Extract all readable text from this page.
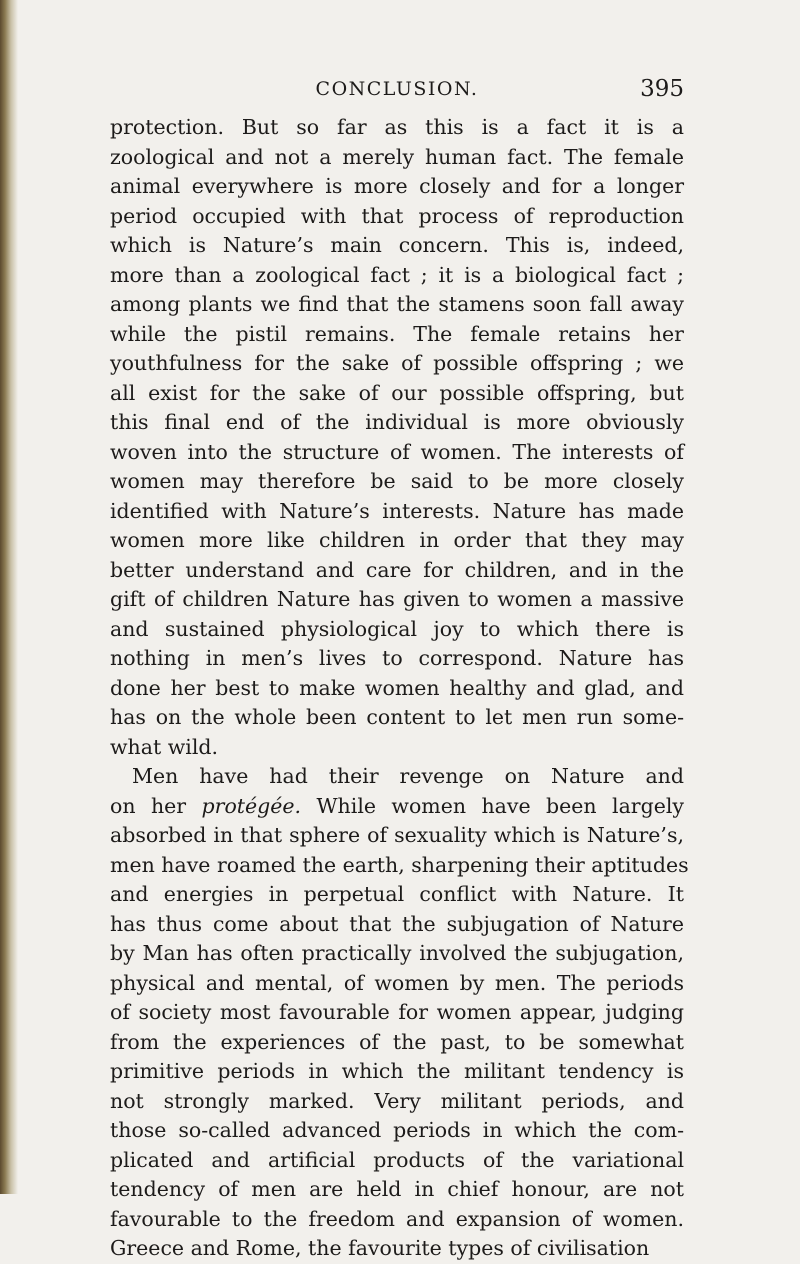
CONCLUSION.	395
protection. But so far as this is a fact it is a
zoological and not a merely human fact. The female
animal everywhere is more closely and for a longer
period occupied with that process of reproduction
which is Nature’s main concern. This is, indeed,
more than a zoological fact ; it is a biological fact ;
among plants we find that the stamens soon fall away
while the pistil remains. The female retains her
youthfulness for the sake of possible offspring ; we
all exist for the sake of our possible offspring, but
this final end of the individual is more obviously
woven into the structure of women. The interests of
women may therefore be said to be more closely
identified with Nature’s interests. Nature has made
women more like children in order that they may
better understand and care for children, and in the
gift of children Nature has given to women a massive
and sustained physiological joy to which there is
nothing in men’s lives to correspond. Nature has
done her best to make women healthy and glad, and
has on the whole been content to let men run some-
what wild.
Men have had their revenge on Nature and
on her protégée. While women have been largely
absorbed in that sphere of sexuality which is Nature’s,
men have roamed the earth, sharpening their aptitudes
and energies in perpetual conflict with Nature. It
has thus come about that the subjugation of Nature
by Man has often practically involved the subjugation,
physical and mental, of women by men. The periods
of society most favourable for women appear, judging
from the experiences of the past, to be somewhat
primitive periods in which the militant tendency is
not strongly marked. Very militant periods, and
those so-called advanced periods in which the com-
plicated and artificial products of the variational
tendency of men are held in chief honour, are not
favourable to the freedom and expansion of women.
Greece and Rome, the favourite types of civilisation
